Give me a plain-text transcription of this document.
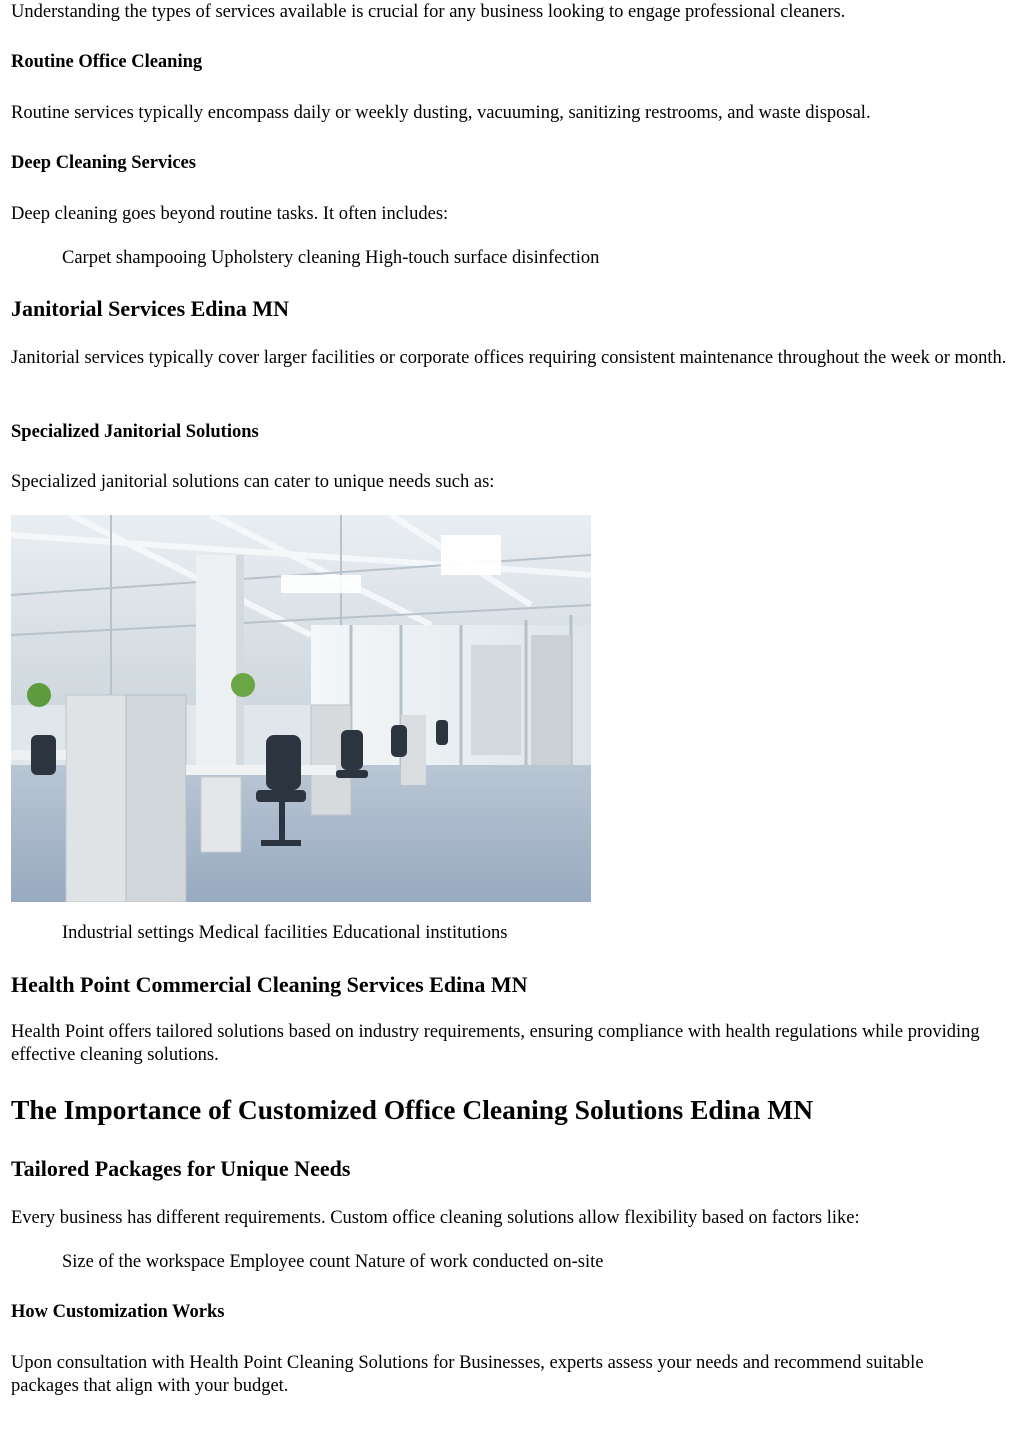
Understanding the types of services available is crucial for any business looking to engage professional cleaners.

Routine Office Cleaning

Routine services typically encompass daily or weekly dusting, vacuuming, sanitizing restrooms, and waste disposal.

Deep Cleaning Services

Deep cleaning goes beyond routine tasks. It often includes:

Carpet shampooing Upholstery cleaning High-touch surface disinfection
Janitorial Services Edina MN

Janitorial services typically cover larger facilities or corporate offices requiring consistent maintenance throughout the week or month.

Specialized Janitorial Solutions

Specialized janitorial solutions can cater to unique needs such as:

Industrial settings Medical facilities Educational institutions
Health Point Commercial Cleaning Services Edina MN

Health Point offers tailored solutions based on industry requirements, ensuring compliance with health regulations while providing effective cleaning solutions.

The Importance of Customized Office Cleaning Solutions Edina MN
Tailored Packages for Unique Needs

Every business has different requirements. Custom office cleaning solutions allow flexibility based on factors like:

Size of the workspace Employee count Nature of work conducted on-site
How Customization Works

Upon consultation with Health Point Cleaning Solutions for Businesses, experts assess your needs and recommend suitable packages that align with your budget.
